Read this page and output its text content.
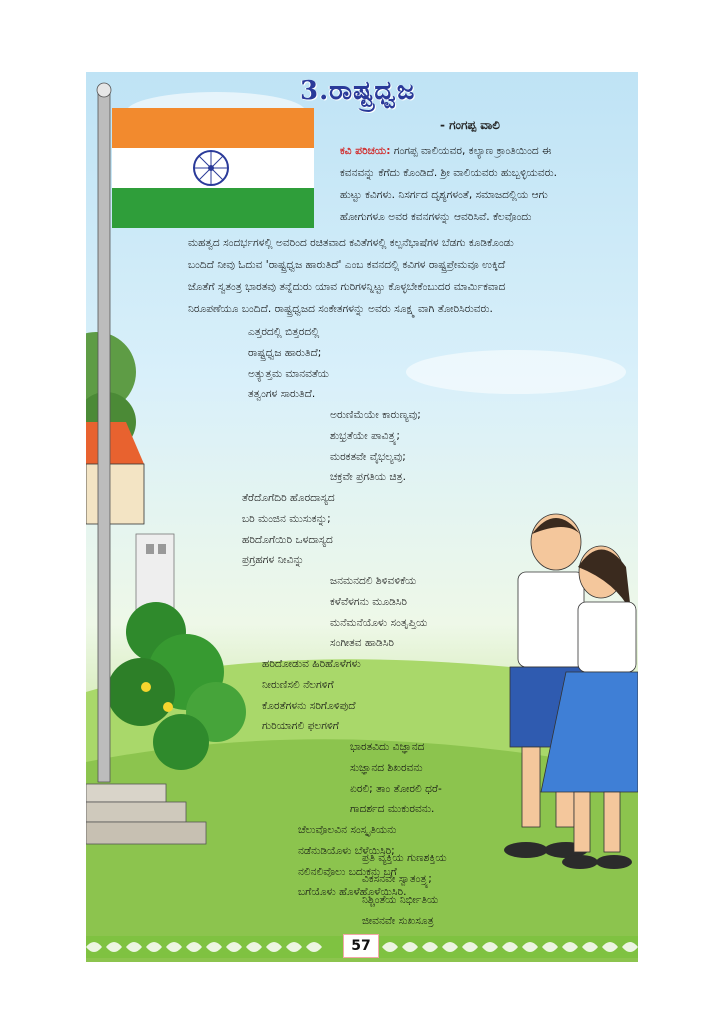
3.ರಾಷ್ಟ್ರಧ್ವಜ
- ಗಂಗಪ್ಪ ವಾಲಿ
ಕವಿ ಪರಿಚಯ: ಗಂಗಪ್ಪ ವಾಲಿಯವರ, ಕಲ್ಯಾಣ ಕ್ರಾಂತಿಯಿಂದ ಈ
ಕವನವನ್ನು ಕೆಗೆದು ಕೊಂಡಿದೆ. ಶ್ರೀ ವಾಲಿಯವರು ಹುಬ್ಬಳ್ಳಿಯವರು.
ಹುಟ್ಟು ಕವಿಗಳು. ನಿಸರ್ಗದ ದೃಶ್ಯಗಳಂತೆ, ಸಮಾಜದಲ್ಲಿಯ ಆಗು
ಹೋಗುಗಳೂ ಅವರ ಕವನಗಳನ್ನು ಆವರಿಸಿವೆ. ಕೆಲವೊಂದು
ಮಹತ್ವದ ಸಂದರ್ಭಗಳಲ್ಲಿ ಅವರಿಂದ ರಚಿತವಾದ ಕವಿತೆಗಳಲ್ಲಿ ಕಲ್ಪನೆಭಾಷೆಗಳ ಬೆಡಗು ಕೂಡಿಕೊಂಡು
ಬಂದಿದೆ ನೀವು ಓದುವ 'ರಾಷ್ಟ್ರಧ್ವಜ ಹಾರುತಿದೆ' ಎಂಬ ಕವನದಲ್ಲಿ ಕವಿಗಳ ರಾಷ್ಟ್ರಪ್ರೇಮವೂ ಉಕ್ಕಿದೆ
ಜೊತೆಗೆ ಸ್ವತಂತ್ರ ಭಾರತವು ತನ್ನೆದುರು ಯಾವ ಗುರಿಗಳನ್ನಿಟ್ಟು ಕೊಳ್ಳಬೇಕೆಂಬುದರ ಮಾರ್ಮಿಕವಾದ
ನಿರೂಪಣೆಯೂ ಬಂದಿದೆ. ರಾಷ್ಟ್ರಧ್ವಜದ ಸಂಕೇತಗಳನ್ನು ಅವರು ಸೂಕ್ಷ್ಮ ವಾಗಿ ತೋರಿಸಿರುವರು.
ಎತ್ತರದಲ್ಲಿ ಬಿತ್ತರದಲ್ಲಿ
ರಾಷ್ಟ್ರಧ್ವಜ ಹಾರುತಿದೆ;
ಅತ್ಯುತ್ತಮ ಮಾನವತೆಯ
ತತ್ವಂಗಳ ಸಾರುತಿದೆ.
ಅರುಣಿಮೆಯೇ ಕಾರುಣ್ಯವು;
ಶುಭ್ರತೆಯೇ ಪಾವಿತ್ರ್ಯ;
ಮರಕತವೇ ವೈಭಲ್ಯವು;
ಚಕ್ರವೇ ಪ್ರಗತಿಯ ಚಿತ್ರ.
ತೆರೆದೊಗೆದಿರಿ ಹೊರದಾಸ್ಯದ
ಬರಿ ಮಂಜಿನ ಮುಸುಕನ್ನು;
ಹರಿದೊಗೆಯಿರಿ ಒಳದಾಸ್ಯದ
ಪ್ರಗ್ರಹಗಳ ನೀವಿನ್ನು
ಜನಮನದಲಿ ಶಿಳಿವಳಿಕೆಯ
ಕಳೆವೆಳಗನು ಮೂಡಿಸಿರಿ
ಮನೆಮನೆಯೊಳು ಸಂತೃಪ್ತಿಯ
ಸಂಗೀತವ ಹಾಡಿಸಿರಿ
ಹರಿದೋಡುವ ಹಿರಿಹೊಳೆಗಳು
ನೀರುಣಿಸಲಿ ನೆಲಗಳಿಗೆ
ಕೊರತೆಗಳನು ಸರಿಗೊಳಿಪುದೆ
ಗುರಿಯಾಗಲಿ ಫಲಗಳಿಗೆ
ಭಾರತವಿದು ವಿಜ್ಞಾನದ
ಸುಜ್ಞಾನದ ಶಿಖರವನು
ಏರಲಿ; ತಾಂ ತೋರಲಿ ಧರೆ-
ಗಾದರ್ಶದ ಮುಕುರವನು.
ಚೆಲುವೊಲವಿನ ಸಂಸ್ಕೃತಿಯನು
ನಡೆನುಡಿಯೊಳು ಬೆಳೆಯಿಸಿರಿ;
ನಲಿನಲಿವೊಲು ಬದುಕನು ಬಗೆ
ಬಗೆಯೊಳು ಹೊಳೆಹೊಳೆಯಿಸಿರಿ.
ಪ್ರತಿ ವ್ಯಕ್ತಿಯ ಗುಣಶಕ್ತಿಯ
ವಿಕಸನವೇ ಸ್ವಾತಂತ್ರ್ಯ;
ನಿಶ್ಚಿಂತೆಯ ನಿರ್ಭೀತಿಯ
ಜೀವನವೇ ಸುಖಸೂತ್ರ
57
